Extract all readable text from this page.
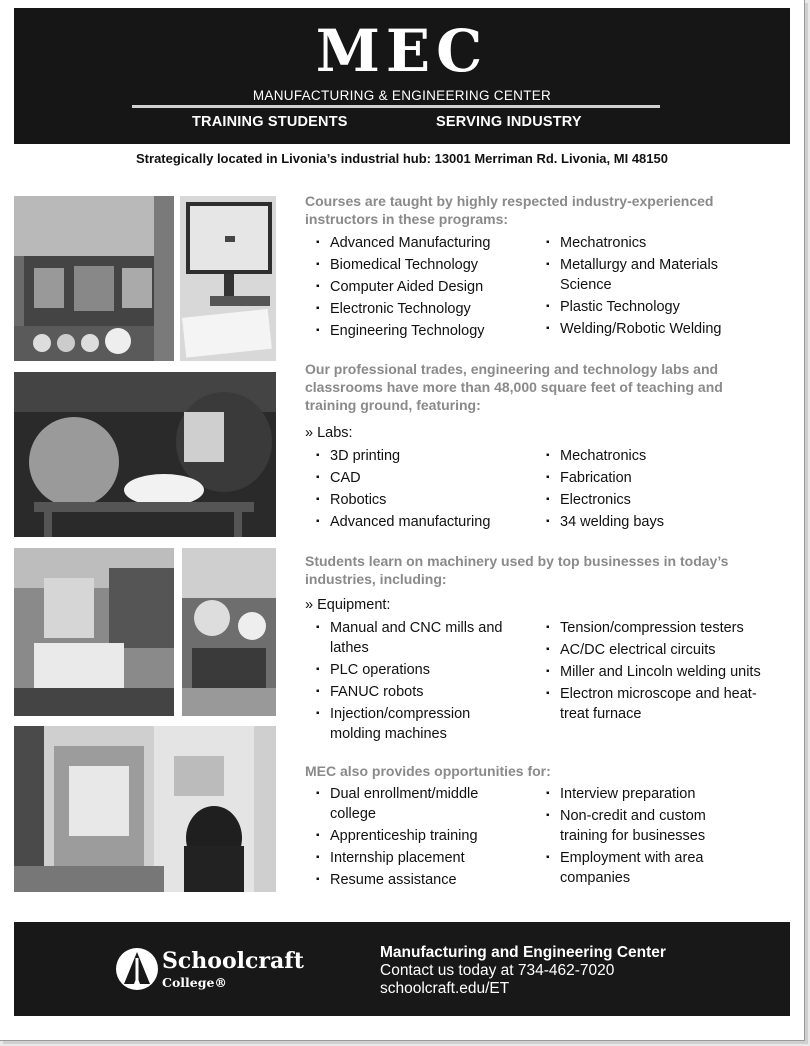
MEC
MANUFACTURING & ENGINEERING CENTER
TRAINING STUDENTS	SERVING INDUSTRY
Strategically located in Livonia’s industrial hub: 13001 Merriman Rd. Livonia, MI 48150
Courses are taught by highly respected industry-experienced instructors in these programs:
▪ Advanced Manufacturing
▪ Biomedical Technology
▪ Computer Aided Design
▪ Electronic Technology
▪ Engineering Technology
▪ Mechatronics
▪ Metallurgy and Materials Science
▪ Plastic Technology
▪ Welding/Robotic Welding
Our professional trades, engineering and technology labs and classrooms have more than 48,000 square feet of teaching and training ground, featuring:
» Labs:
▪ 3D printing
▪ CAD
▪ Robotics
▪ Advanced manufacturing
▪ Mechatronics
▪ Fabrication
▪ Electronics
▪ 34 welding bays
Students learn on machinery used by top businesses in today’s industries, including:
» Equipment:
▪ Manual and CNC mills and lathes
▪ PLC operations
▪ FANUC robots
▪ Injection/compression molding machines
▪ Tension/compression testers
▪ AC/DC electrical circuits
▪ Miller and Lincoln welding units
▪ Electron microscope and heat-treat furnace
MEC also provides opportunities for:
▪ Dual enrollment/middle college
▪ Apprenticeship training
▪ Internship placement
▪ Resume assistance
▪ Interview preparation
▪ Non-credit and custom training for businesses
▪ Employment with area companies
Schoolcraft
College®
Manufacturing and Engineering Center
Contact us today at 734-462-7020
schoolcraft.edu/ET
